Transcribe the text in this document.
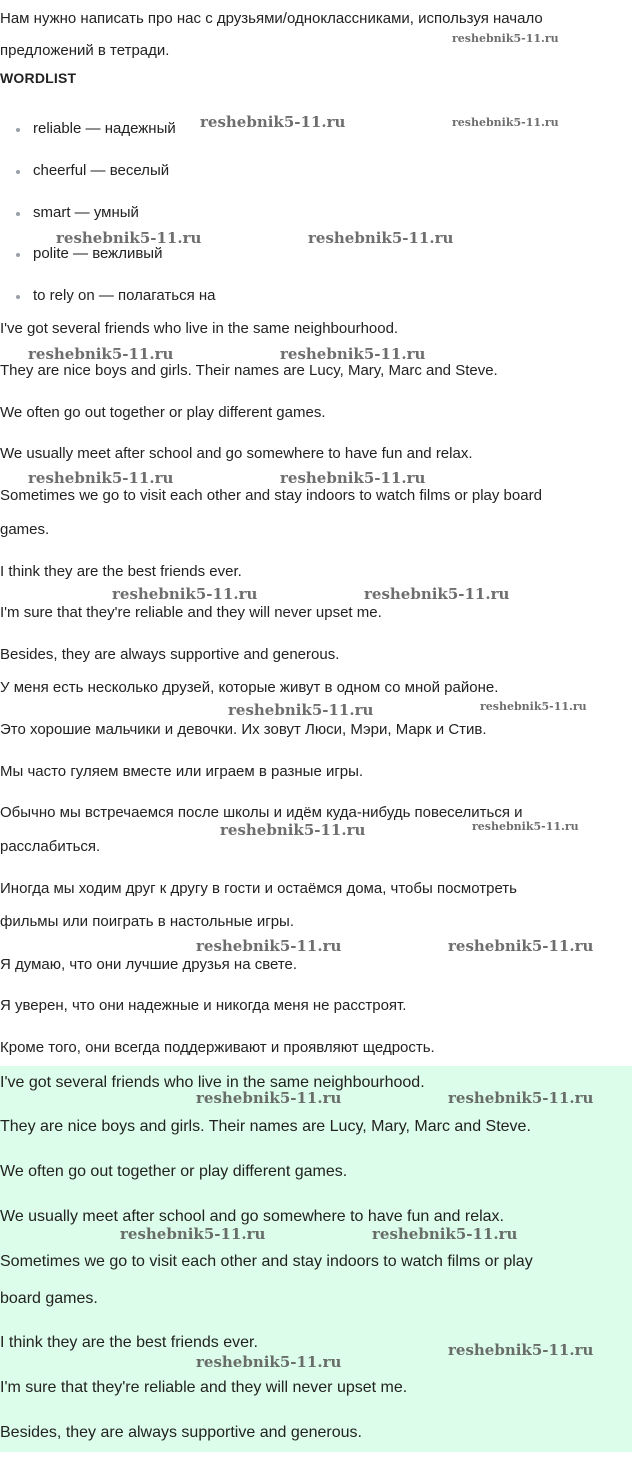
Нам нужно написать про нас с друзьями/одноклассниками, используя начало
предложений в тетради.
WORDLIST
reliable — надежный
cheerful — веселый
smart — умный
polite — вежливый
to rely on — полагаться на
I've got several friends who live in the same neighbourhood.
They are nice boys and girls. Their names are Lucy, Mary, Marc and Steve.
We often go out together or play different games.
We usually meet after school and go somewhere to have fun and relax.
Sometimes we go to visit each other and stay indoors to watch films or play board
games.
I think they are the best friends ever.
I'm sure that they're reliable and they will never upset me.
Besides, they are always supportive and generous.
У меня есть несколько друзей, которые живут в одном со мной районе.
Это хорошие мальчики и девочки. Их зовут Люси, Мэри, Марк и Стив.
Мы часто гуляем вместе или играем в разные игры.
Обычно мы встречаемся после школы и идём куда-нибудь повеселиться и
расслабиться.
Иногда мы ходим друг к другу в гости и остаёмся дома, чтобы посмотреть
фильмы или поиграть в настольные игры.
Я думаю, что они лучшие друзья на свете.
Я уверен, что они надежные и никогда меня не расстроят.
Кроме того, они всегда поддерживают и проявляют щедрость.
I've got several friends who live in the same neighbourhood.
They are nice boys and girls. Their names are Lucy, Mary, Marc and Steve.
We often go out together or play different games.
We usually meet after school and go somewhere to have fun and relax.
Sometimes we go to visit each other and stay indoors to watch films or play
board games.
I think they are the best friends ever.
I'm sure that they're reliable and they will never upset me.
Besides, they are always supportive and generous.
reshebnik5-11.ru
reshebnik5-11.ru	reshebnik5-11.ru
reshebnik5-11.ru	reshebnik5-11.ru
reshebnik5-11.ru	reshebnik5-11.ru
reshebnik5-11.ru	reshebnik5-11.ru
reshebnik5-11.ru	reshebnik5-11.ru
reshebnik5-11.ru	reshebnik5-11.ru
reshebnik5-11.ru	reshebnik5-11.ru
reshebnik5-11.ru	reshebnik5-11.ru
reshebnik5-11.ru	reshebnik5-11.ru
reshebnik5-11.ru	reshebnik5-11.ru
reshebnik5-11.ru
reshebnik5-11.ru
